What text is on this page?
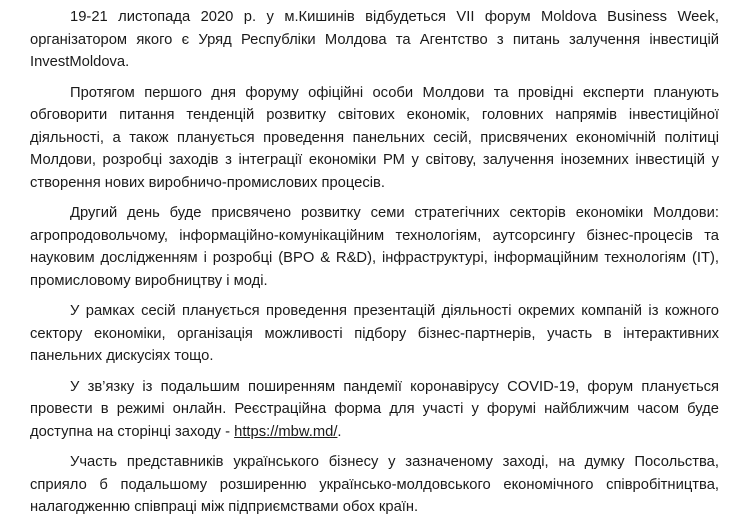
19-21 листопада 2020 р. у м.Кишинів відбудеться VII форум Moldova Business Week, організатором якого є Уряд Республіки Молдова та Агентство з питань залучення інвестицій InvestMoldova.

Протягом першого дня форуму офіційні особи Молдови та провідні експерти планують обговорити питання тенденцій розвитку світових економік, головних напрямів інвестиційної діяльності, а також планується проведення панельних сесій, присвячених економічній політиці Молдови, розробці заходів з інтеграції економіки РМ у світову, залучення іноземних інвестицій у створення нових виробничо-промислових процесів.

Другий день буде присвячено розвитку семи стратегічних секторів економіки Молдови: агропродовольчому, інформаційно-комунікаційним технологіям, аутсорсингу бізнес-процесів та науковим дослідженням і розробці (BPO & R&D), інфраструктурі, інформаційним технологіям (IT), промисловому виробництву і моді.

У рамках сесій планується проведення презентацій діяльності окремих компаній із кожного сектору економіки, організація можливості підбору бізнес-партнерів, участь в інтерактивних панельних дискусіях тощо.

У зв’язку із подальшим поширенням пандемії коронавірусу COVID-19, форум планується провести в режимі онлайн. Реєстраційна форма для участі у форумі найближчим часом буде доступна на сторінці заходу - https://mbw.md/.

Участь представників українського бізнесу у зазначеному заході, на думку Посольства, сприяло б подальшому розширенню українсько-молдовського економічного співробітництва, налагодженню співпраці між підприємствами обох країн.
